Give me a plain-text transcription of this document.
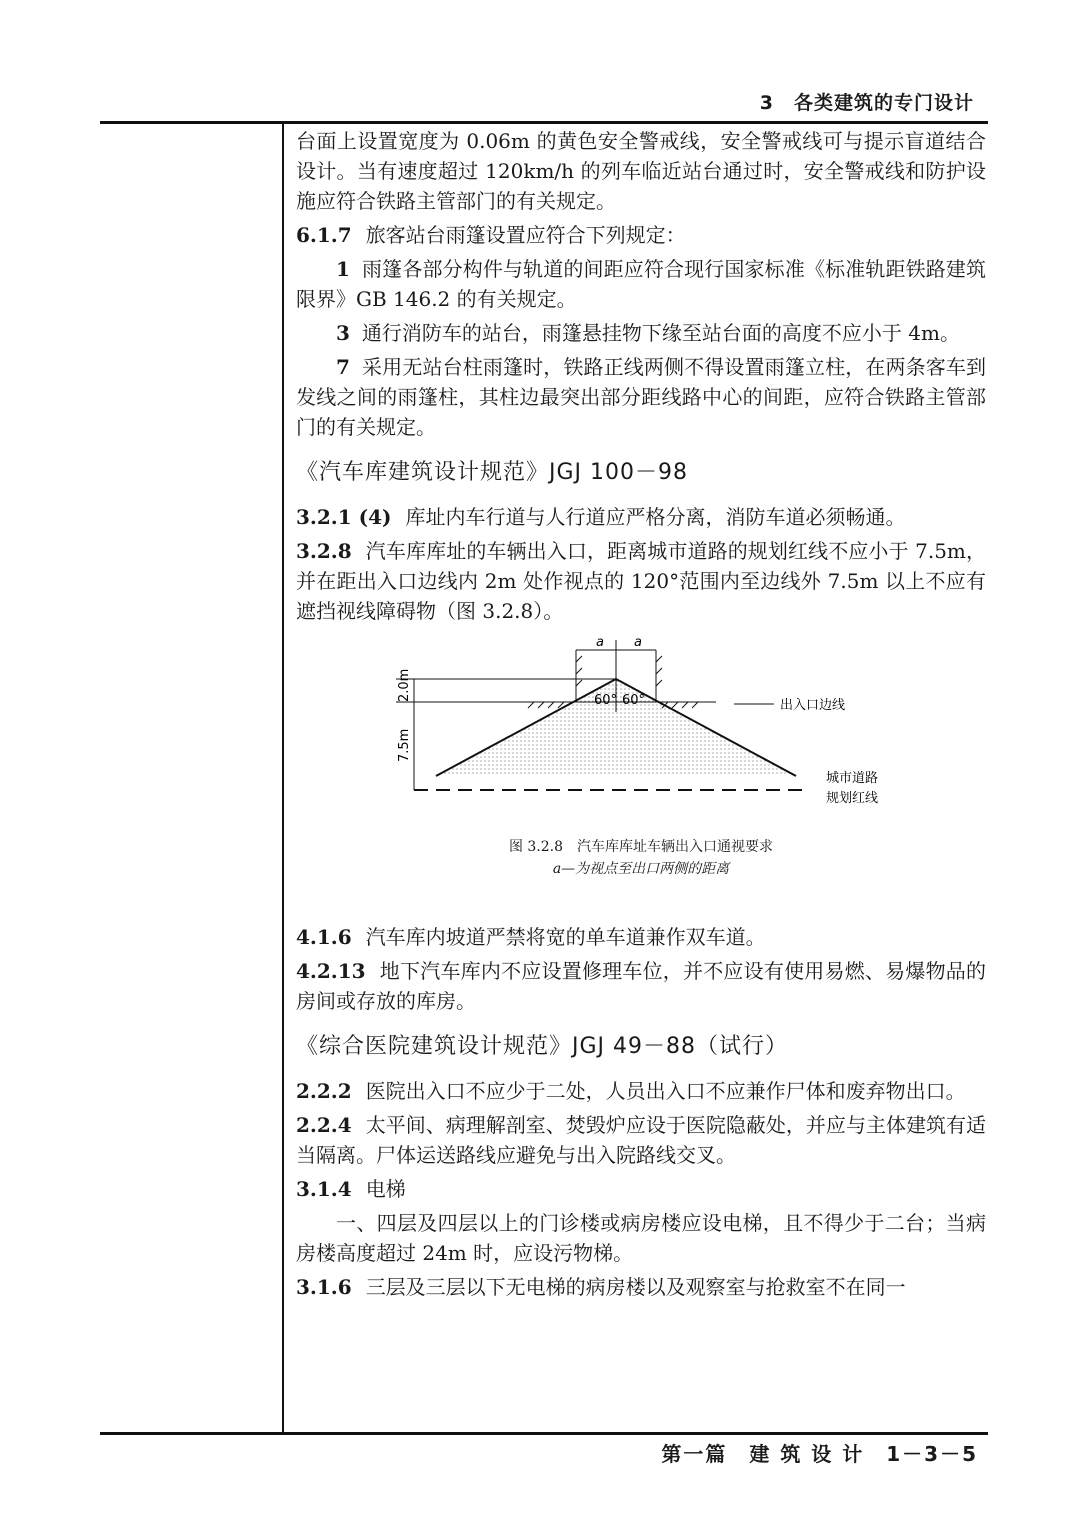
3　各类建筑的专门设计

台面上设置宽度为 0.06m 的黄色安全警戒线，安全警戒线可与提示盲道结合设计。当有速度超过 120km/h 的列车临近站台通过时，安全警戒线和防护设施应符合铁路主管部门的有关规定。

6.1.7 旅客站台雨篷设置应符合下列规定：

1 雨篷各部分构件与轨道的间距应符合现行国家标准《标准轨距铁路建筑限界》GB 146.2 的有关规定。

3 通行消防车的站台，雨篷悬挂物下缘至站台面的高度不应小于 4m。

7 采用无站台柱雨篷时，铁路正线两侧不得设置雨篷立柱，在两条客车到发线之间的雨篷柱，其柱边最突出部分距线路中心的间距，应符合铁路主管部门的有关规定。

《汽车库建筑设计规范》JGJ 100－98

3.2.1 (4) 库址内车行道与人行道应严格分离，消防车道必须畅通。

3.2.8 汽车库库址的车辆出入口，距离城市道路的规划红线不应小于 7.5m，并在距出入口边线内 2m 处作视点的 120°范围内至边线外 7.5m 以上不应有遮挡视线障碍物（图 3.2.8）。

a a
60° 60°
2.0m
7.5m
出入口边线
城市道路
规划红线

图 3.2.8　汽车库库址车辆出入口通视要求

a—为视点至出口两侧的距离

4.1.6 汽车库内坡道严禁将宽的单车道兼作双车道。

4.2.13 地下汽车库内不应设置修理车位，并不应设有使用易燃、易爆物品的房间或存放的库房。

《综合医院建筑设计规范》JGJ 49－88（试行）

2.2.2 医院出入口不应少于二处，人员出入口不应兼作尸体和废弃物出口。

2.2.4 太平间、病理解剖室、焚毁炉应设于医院隐蔽处，并应与主体建筑有适当隔离。尸体运送路线应避免与出入院路线交叉。

3.1.4 电梯

一、四层及四层以上的门诊楼或病房楼应设电梯，且不得少于二台；当病房楼高度超过 24m 时，应设污物梯。

3.1.6 三层及三层以下无电梯的病房楼以及观察室与抢救室不在同一

第一篇　建 筑 设 计　1－3－5
